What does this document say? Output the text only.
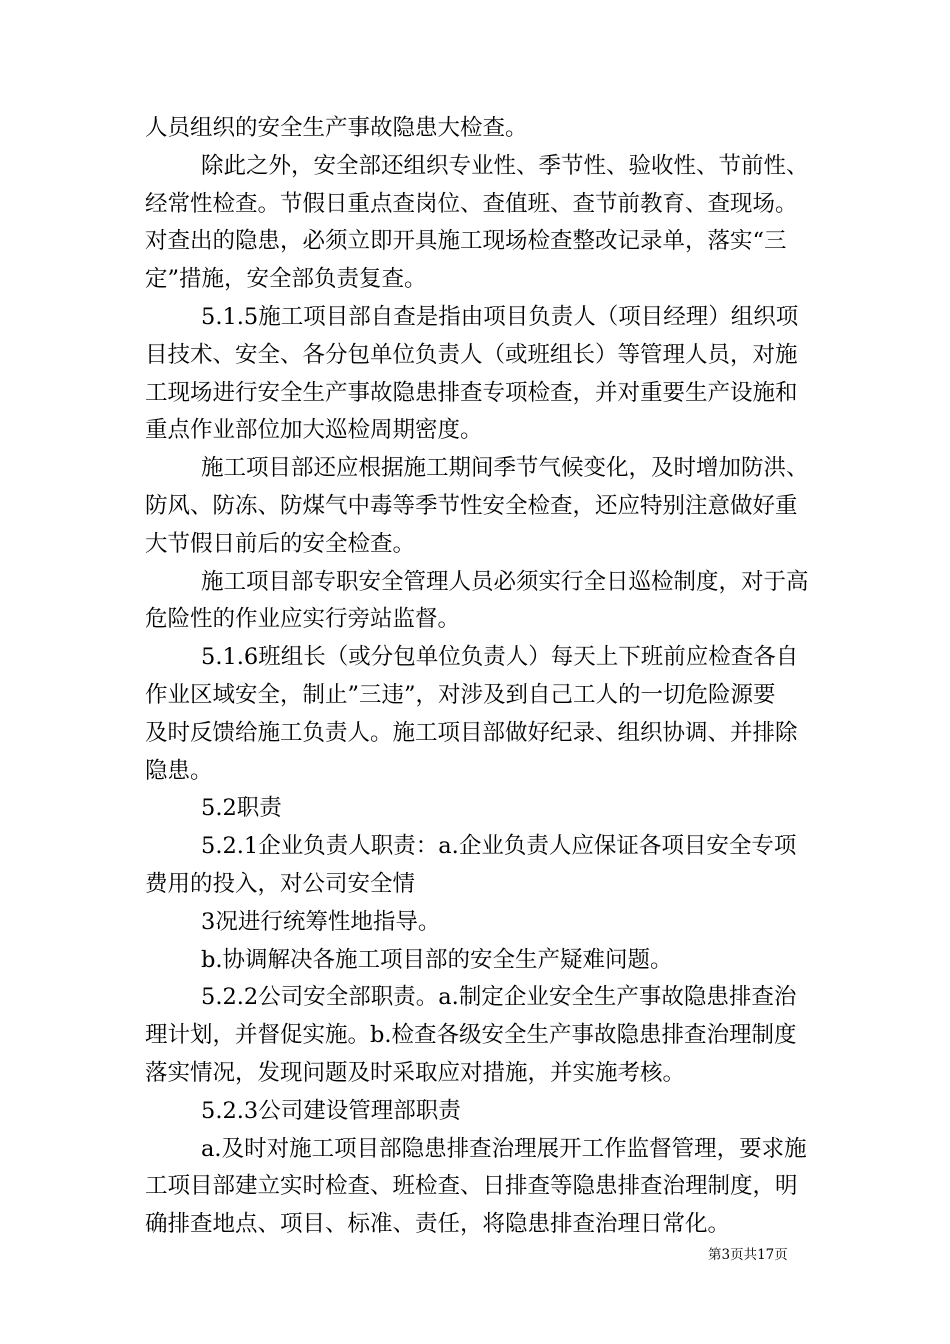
人员组织的安全生产事故隐患大检查。

除此之外，安全部还组织专业性、季节性、验收性、节前性、
经常性检查。节假日重点查岗位、查值班、查节前教育、查现场。
对查出的隐患，必须立即开具施工现场检查整改记录单，落实“三
定”措施，安全部负责复查。

5.1.5施工项目部自查是指由项目负责人（项目经理）组织项
目技术、安全、各分包单位负责人（或班组长）等管理人员，对施
工现场进行安全生产事故隐患排查专项检查，并对重要生产设施和
重点作业部位加大巡检周期密度。

施工项目部还应根据施工期间季节气候变化，及时增加防洪、
防风、防冻、防煤气中毒等季节性安全检查，还应特别注意做好重
大节假日前后的安全检查。

施工项目部专职安全管理人员必须实行全日巡检制度，对于高
危险性的作业应实行旁站监督。

5.1.6班组长（或分包单位负责人）每天上下班前应检查各自
作业区域安全，制止”三违”，对涉及到自己工人的一切危险源要
及时反馈给施工负责人。施工项目部做好纪录、组织协调、并排除
隐患。

5.2职责

5.2.1企业负责人职责：a.企业负责人应保证各项目安全专项
费用的投入，对公司安全情

3况进行统筹性地指导。

b.协调解决各施工项目部的安全生产疑难问题。

5.2.2公司安全部职责。a.制定企业安全生产事故隐患排查治
理计划，并督促实施。b.检查各级安全生产事故隐患排查治理制度
落实情况，发现问题及时采取应对措施，并实施考核。

5.2.3公司建设管理部职责

a.及时对施工项目部隐患排查治理展开工作监督管理，要求施
工项目部建立实时检查、班检查、日排查等隐患排查治理制度，明
确排查地点、项目、标准、责任，将隐患排查治理日常化。

第3页共17页
